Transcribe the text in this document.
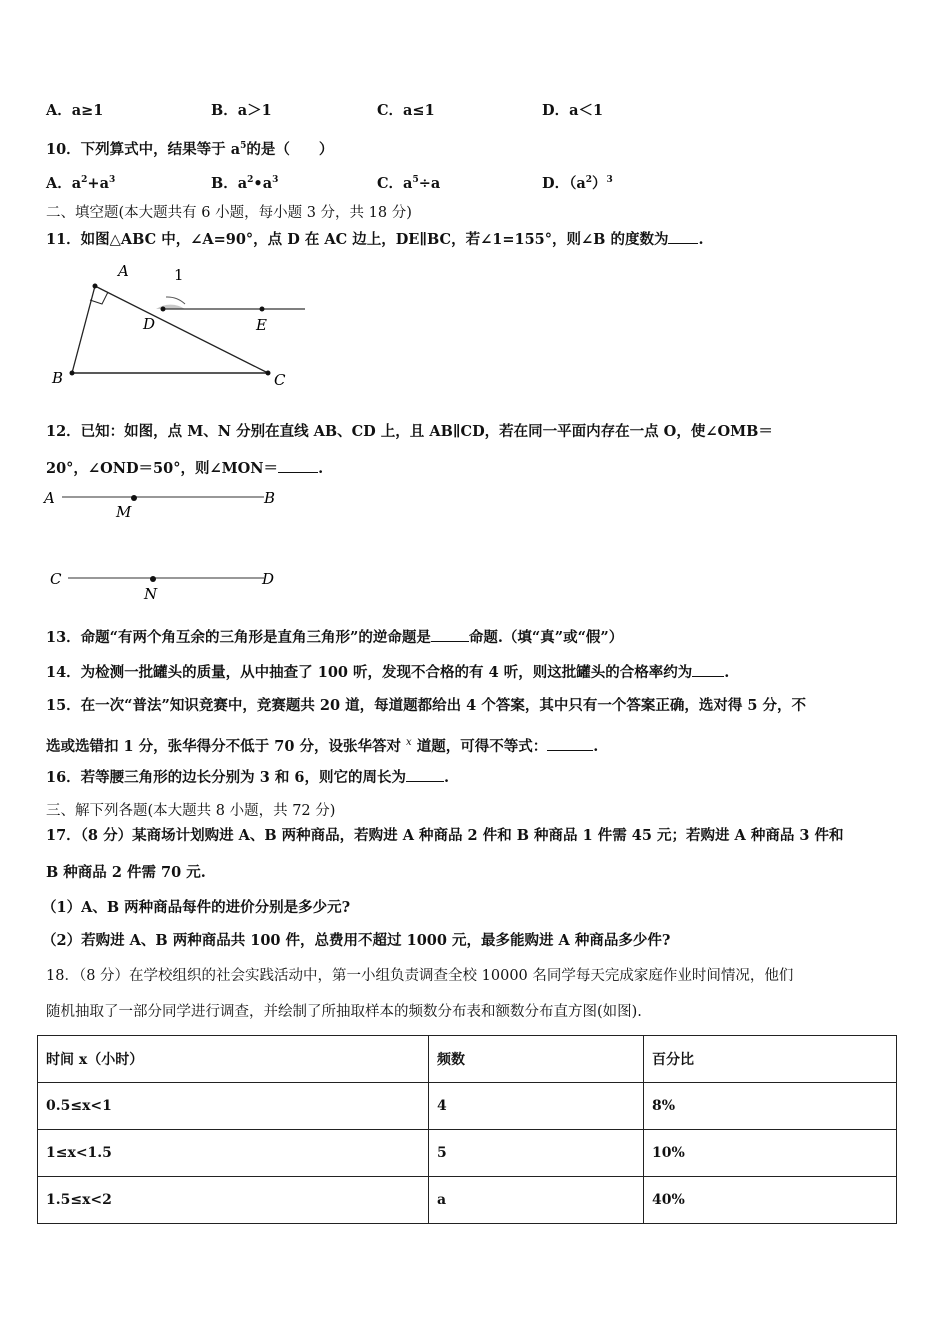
A．a≥1	B．a＞1	C．a≤1	D．a＜1
10．下列算式中，结果等于 $a^5$的是（　　）
A．$a^2+a^3$	B．$a^2•a^3$	C．$a^5\div a$	D．$(a^2)^3$
二、填空题(本大题共有 6 小题，每小题 3 分，共 18 分)
11．如图△ABC 中，∠A=90°，点 D 在 AC 边上，DE∥BC，若∠1=155°，则∠B 的度数为 .
A
D	E
B	C
1
12．已知：如图，点 M、N 分别在直线 AB、CD 上，且 AB∥CD，若在同一平面内存在一点 O，使∠OMB＝
20°，∠OND＝50°，则∠MON＝	.
A	B
M
C	D
N
13．命题“有两个角互余的三角形是直角三角形”的逆命题是	命题.（填“真”或“假”）
14．为检测一批罐头的质量，从中抽查了 100 听，发现不合格的有 4 听，则这批罐头的合格率约为 .
15．在一次“普法”知识竞赛中，竞赛题共 20 道，每道题都给出 4 个答案，其中只有一个答案正确，选对得 5 分，不
选或选错扣 1 分，张华得分不低于 70 分，设张华答对 $^x$ 道题，可得不等式：	.
16．若等腰三角形的边长分别为 3 和 6，则它的周长为	.
三、解下列各题(本大题共 8 小题，共 72 分)
17．（8 分）某商场计划购进 A、B 两种商品，若购进 A 种商品 2 件和 B 种商品 1 件需 45 元；若购进 A 种商品 3 件和
B 种商品 2 件需 70 元.
（1）A、B 两种商品每件的进价分别是多少元?
（2）若购进 A、B 两种商品共 100 件，总费用不超过 1000 元，最多能购进 A 种商品多少件?
18．（8 分）在学校组织的社会实践活动中，第一小组负责调查全校 10000 名同学每天完成家庭作业时间情况，他们
随机抽取了一部分同学进行调查，并绘制了所抽取样本的频数分布表和额数分布直方图(如图).
时间 x（小时）	频数	百分比
0.5≤x<1	4	8%
1≤x<1.5	5	10%
1.5≤x<2	a	40%
